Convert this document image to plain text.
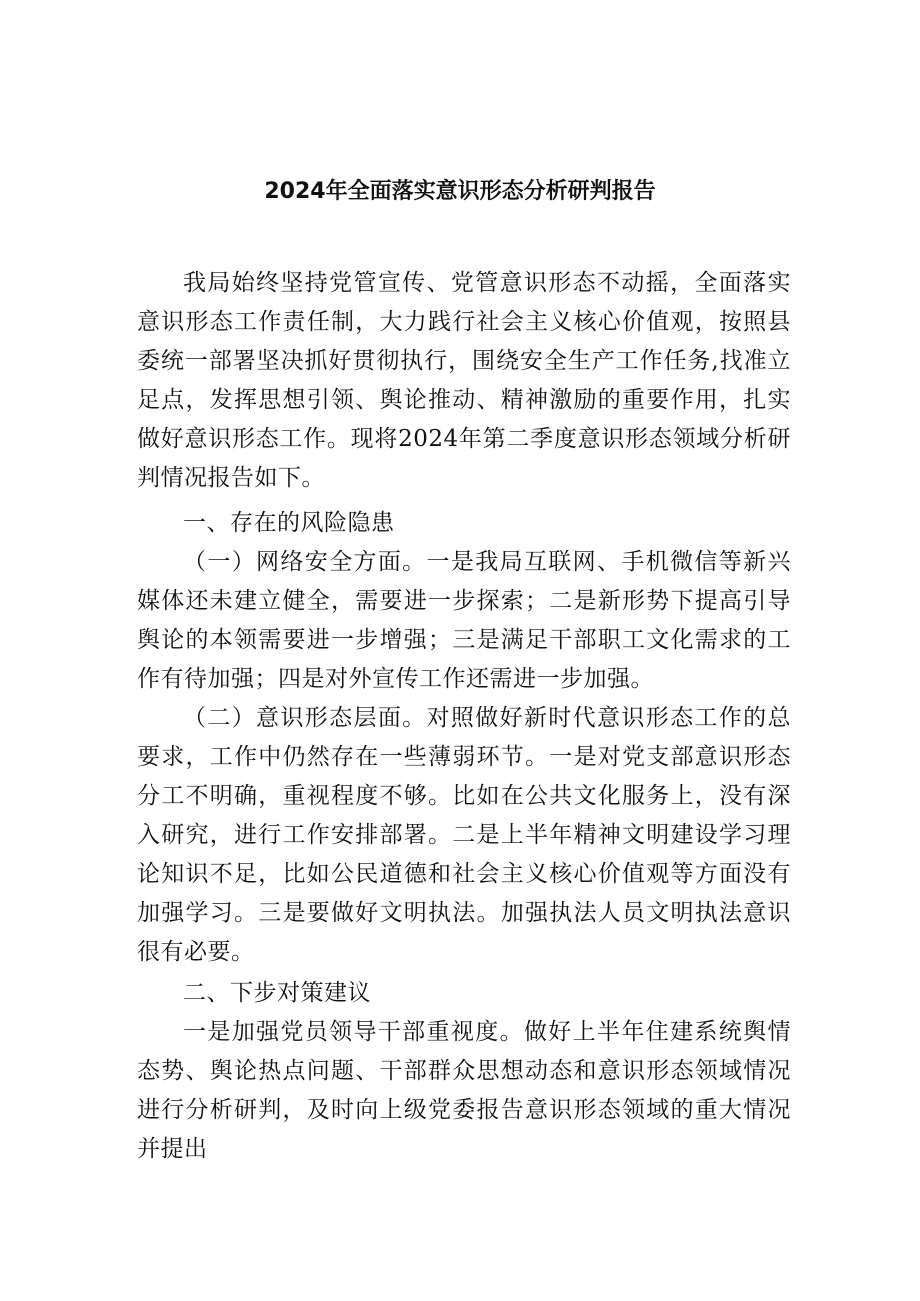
2024年全面落实意识形态分析研判报告

我局始终坚持党管宣传、党管意识形态不动摇，全面落实意识形态工作责任制，大力践行社会主义核心价值观，按照县委统一部署坚决抓好贯彻执行，围绕安全生产工作任务,找准立足点，发挥思想引领、舆论推动、精神激励的重要作用，扎实做好意识形态工作。现将2024年第二季度意识形态领域分析研判情况报告如下。

一、存在的风险隐患

（一）网络安全方面。一是我局互联网、手机微信等新兴媒体还未建立健全，需要进一步探索；二是新形势下提高引导舆论的本领需要进一步增强；三是满足干部职工文化需求的工作有待加强；四是对外宣传工作还需进一步加强。

（二）意识形态层面。对照做好新时代意识形态工作的总要求，工作中仍然存在一些薄弱环节。一是对党支部意识形态分工不明确，重视程度不够。比如在公共文化服务上，没有深入研究，进行工作安排部署。二是上半年精神文明建设学习理论知识不足，比如公民道德和社会主义核心价值观等方面没有加强学习。三是要做好文明执法。加强执法人员文明执法意识很有必要。

二、下步对策建议

一是加强党员领导干部重视度。做好上半年住建系统舆情态势、舆论热点问题、干部群众思想动态和意识形态领域情况进行分析研判，及时向上级党委报告意识形态领域的重大情况并提出
